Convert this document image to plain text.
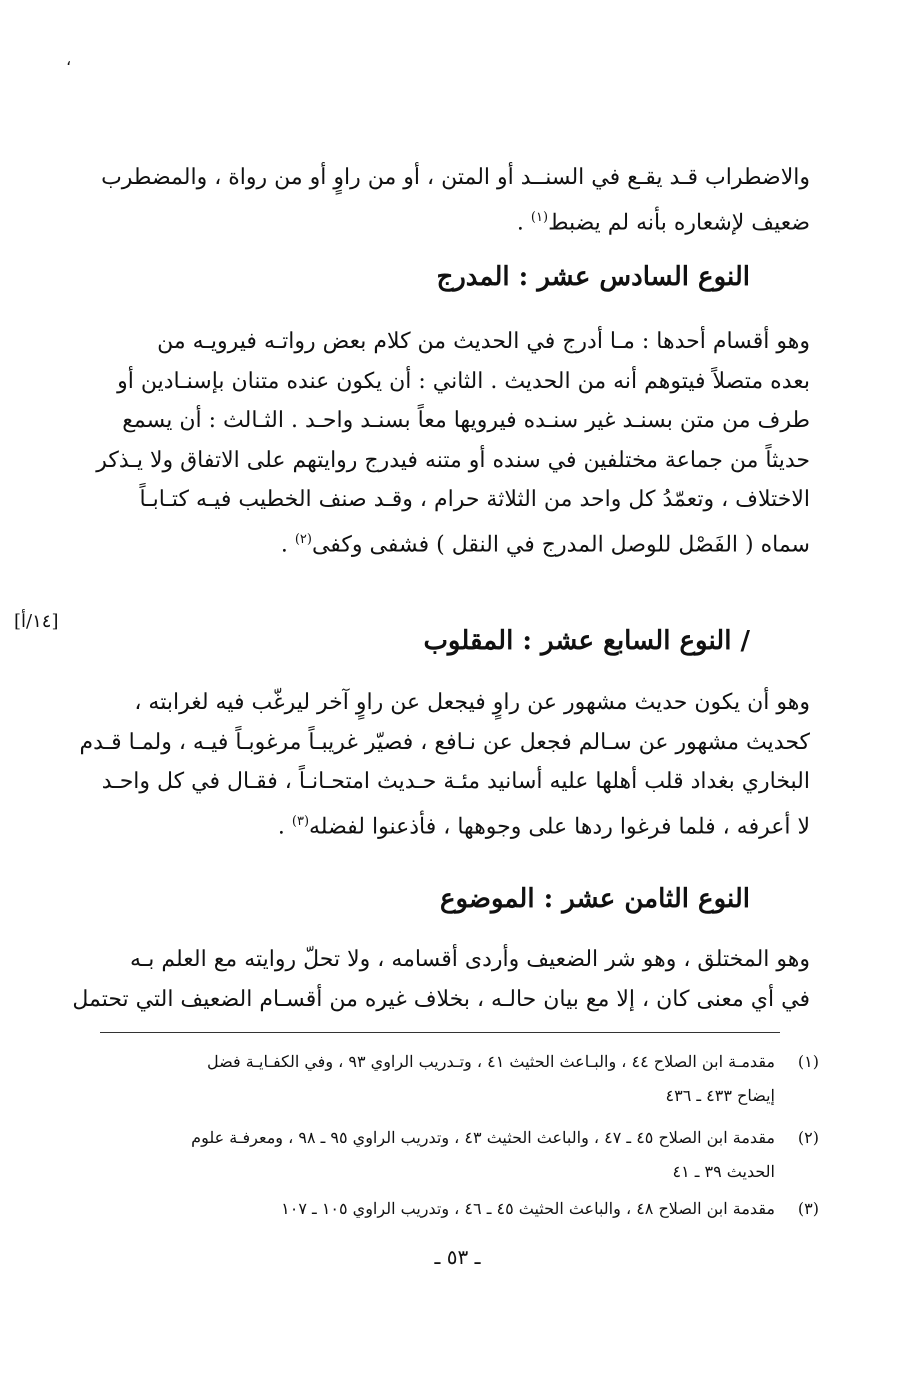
،
والاضطراب قـد يقـع في السنــد أو المتن ، أو من راوٍ أو من رواة ، والمضطرب
ضعيف لإشعاره بأنه لم يضبط$^{(١)}$ .
النوع السادس عشر : المدرج
وهو أقسام أحدها : مـا أدرج في الحديث من كلام بعض رواتـه فيرويـه من
بعده متصلاً فيتوهم أنه من الحديث . الثاني : أن يكون عنده متنان بإسنـادين أو
طرف من متن بسنـد غير سنـده فيرويها معاً بسنـد واحـد . الثـالث : أن يسمع
حديثاً من جماعة مختلفين في سنده أو متنه فيدرج روايتهم على الاتفاق ولا يـذكر
الاختلاف ، وتعمّدُ كل واحد من الثلاثة حرام ، وقـد صنف الخطيب فيـه كتـابـاً
سماه ( الفَصْل للوصل المدرج في النقل ) فشفى وكفى$^{(٢)}$ .
[١٤/أ]
/ النوع السابع عشر : المقلوب
وهو أن يكون حديث مشهور عن راوٍ فيجعل عن راوٍ آخر ليرغّب فيه لغرابته ،
كحديث مشهور عن سـالم فجعل عن نـافع ، فصيّر غريبـاً مرغوبـاً فيـه ، ولمـا قـدم
البخاري بغداد قلب أهلها عليه أسانيد مئـة حـديث امتحـانـاً ، فقـال في كل واحـد
لا أعرفه ، فلما فرغوا ردها على وجوهها ، فأذعنوا لفضله$^{(٣)}$ .
النوع الثامن عشر : الموضوع
وهو المختلق ، وهو شر الضعيف وأردى أقسامه ، ولا تحلّ روايته مع العلم بـه
في أي معنى كان ، إلا مع بيان حالـه ، بخلاف غيره من أقسـام الضعيف التي تحتمل
(١)
مقدمـة ابن الصلاح ٤٤ ، والبـاعث الحثيث ٤١ ، وتـدريب الراوي ٩٣ ، وفي الكفـايـة فضل
إيضاح ٤٣٣ ـ ٤٣٦
(٢)
مقدمة ابن الصلاح ٤٥ ـ ٤٧ ، والباعث الحثيث ٤٣ ، وتدريب الراوي ٩٥ ـ ٩٨ ، ومعرفـة علوم
الحديث ٣٩ ـ ٤١
(٣)
مقدمة ابن الصلاح ٤٨ ، والباعث الحثيث ٤٥ ـ ٤٦ ، وتدريب الراوي ١٠٥ ـ ١٠٧
ـ ٥٣ ـ
